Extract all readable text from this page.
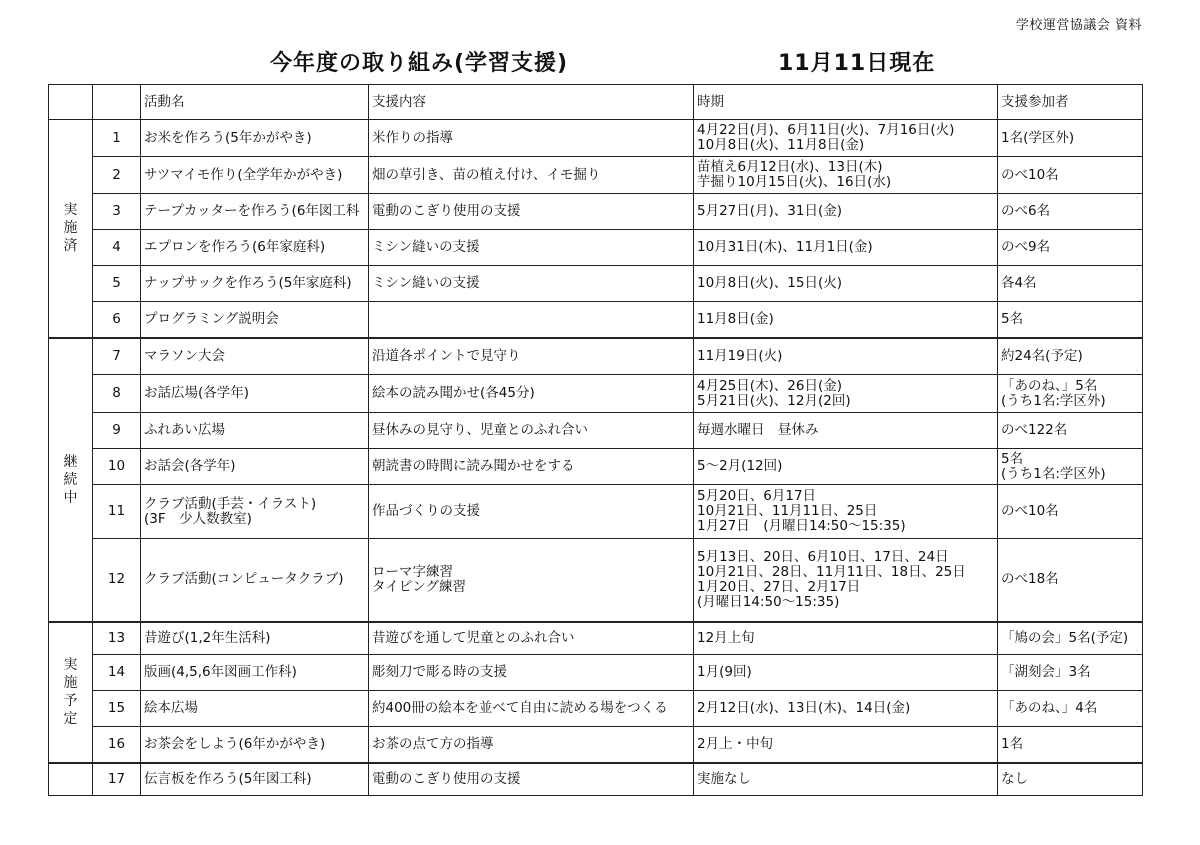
学校運営協議会 資料
今年度の取り組み(学習支援)	11月11日現在
		活動名	支援内容	時期	支援参加者
実施済	1	お米を作ろう(5年かがやき)	米作りの指導	4月22日(月)、6月11日(火)、7月16日(火)
10月8日(火)、11月8日(金)	1名(学区外)

	2	サツマイモ作り(全学年かがやき)	畑の草引き、苗の植え付け、イモ掘り	苗植え6月12日(水)、13日(木)
芋掘り10月15日(火)、16日(水)	のべ10名

	3	テープカッターを作ろう(6年図工科	電動のこぎり使用の支援	5月27日(月)、31日(金)	のべ6名

	4	エプロンを作ろう(6年家庭科)	ミシン縫いの支援	10月31日(木)、11月1日(金)	のべ9名

	5	ナップサックを作ろう(5年家庭科)	ミシン縫いの支援	10月8日(火)、15日(火)	各4名

	6	プログラミング説明会		11月8日(金)	5名

継続中	7	マラソン大会	沿道各ポイントで見守り	11月19日(火)	約24名(予定)

	8	お話広場(各学年)	絵本の読み聞かせ(各45分)	4月25日(木)、26日(金)
5月21日(火)、12月(2回)	「あのね、」5名
(うち1名:学区外)

	9	ふれあい広場	昼休みの見守り、児童とのふれ合い	毎週水曜日　昼休み	のべ122名

	10	お話会(各学年)	朝読書の時間に読み聞かせをする	5～2月(12回)	5名
(うち1名:学区外)

	11	クラブ活動(手芸・イラスト)
(3F　少人数教室)	作品づくりの支援	5月20日、6月17日
10月21日、11月11日、25日
1月27日　(月曜日14:50～15:35)	のべ10名

	12	クラブ活動(コンピュータクラブ)	ローマ字練習
タイピング練習	5月13日、20日、6月10日、17日、24日
10月21日、28日、11月11日、18日、25日
1月20日、27日、2月17日
(月曜日14:50～15:35)	のべ18名

実施予定	13	昔遊び(1,2年生活科)	昔遊びを通して児童とのふれ合い	12月上旬	「鳩の会」5名(予定)

	14	版画(4,5,6年図画工作科)	彫刻刀で彫る時の支援	1月(9回)	「湖刻会」3名

	15	絵本広場	約400冊の絵本を並べて自由に読める場をつくる	2月12日(水)、13日(木)、14日(金)	「あのね、」4名

	16	お茶会をしよう(6年かがやき)	お茶の点て方の指導	2月上・中旬	1名

	17	伝言板を作ろう(5年図工科)	電動のこぎり使用の支援	実施なし	なし
